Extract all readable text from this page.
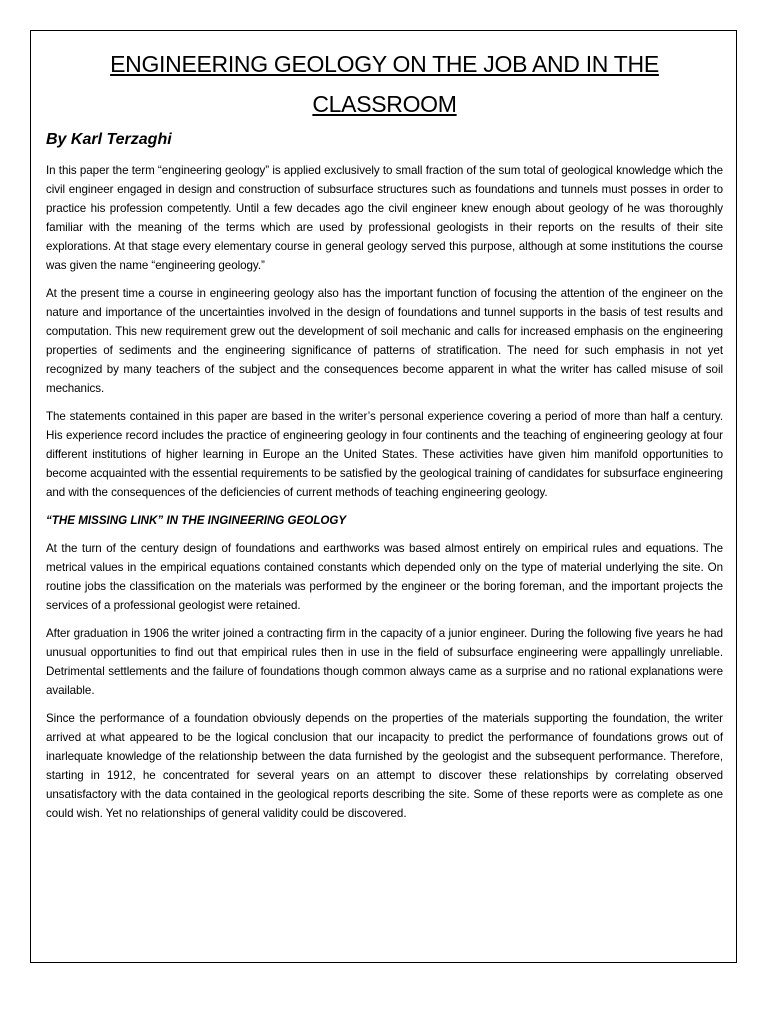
ENGINEERING GEOLOGY ON THE JOB AND IN THE CLASSROOM
By Karl Terzaghi

In this paper the term “engineering geology” is applied exclusively to small fraction of the sum total of geological knowledge which the civil engineer engaged in design and construction of subsurface structures such as foundations and tunnels must posses in order to practice his profession competently. Until a few decades ago the civil engineer knew enough about geology of he was thoroughly familiar with the meaning of the terms which are used by professional geologists in their reports on the results of their site explorations. At that stage every elementary course in general geology served this purpose, although at some institutions the course was given the name “engineering geology.”

At the present time a course in engineering geology also has the important function of focusing the attention of the engineer on the nature and importance of the uncertainties involved in the design of foundations and tunnel supports in the basis of test results and computation. This new requirement grew out the development of soil mechanic and calls for increased emphasis on the engineering properties of sediments and the engineering significance of patterns of stratification. The need for such emphasis in not yet recognized by many teachers of the subject and the consequences become apparent in what the writer has called misuse of soil mechanics.

The statements contained in this paper are based in the writer’s personal experience covering a period of more than half a century. His experience record includes the practice of engineering geology in four continents and the teaching of engineering geology at four different institutions of higher learning in Europe an the United States. These activities have given him manifold opportunities to become acquainted with the essential requirements to be satisfied by the geological training of candidates for subsurface engineering and with the consequences of the deficiencies of current methods of teaching engineering geology.

“THE MISSING LINK” IN THE INGINEERING GEOLOGY

At the turn of the century design of foundations and earthworks was based almost entirely on empirical rules and equations. The metrical values in the empirical equations contained constants which depended only on the type of material underlying the site. On routine jobs the classification on the materials was performed by the engineer or the boring foreman, and the important projects the services of a professional geologist were retained.

After graduation in 1906 the writer joined a contracting firm in the capacity of a junior engineer. During the following five years he had unusual opportunities to find out that empirical rules then in use in the field of subsurface engineering were appallingly unreliable. Detrimental settlements and the failure of foundations though common always came as a surprise and no rational explanations were available.

Since the performance of a foundation obviously depends on the properties of the materials supporting the foundation, the writer arrived at what appeared to be the logical conclusion that our incapacity to predict the performance of foundations grows out of inarlequate knowledge of the relationship between the data furnished by the geologist and the subsequent performance. Therefore, starting in 1912, he concentrated for several years on an attempt to discover these relationships by correlating observed unsatisfactory with the data contained in the geological reports describing the site. Some of these reports were as complete as one could wish. Yet no relationships of general validity could be discovered.
